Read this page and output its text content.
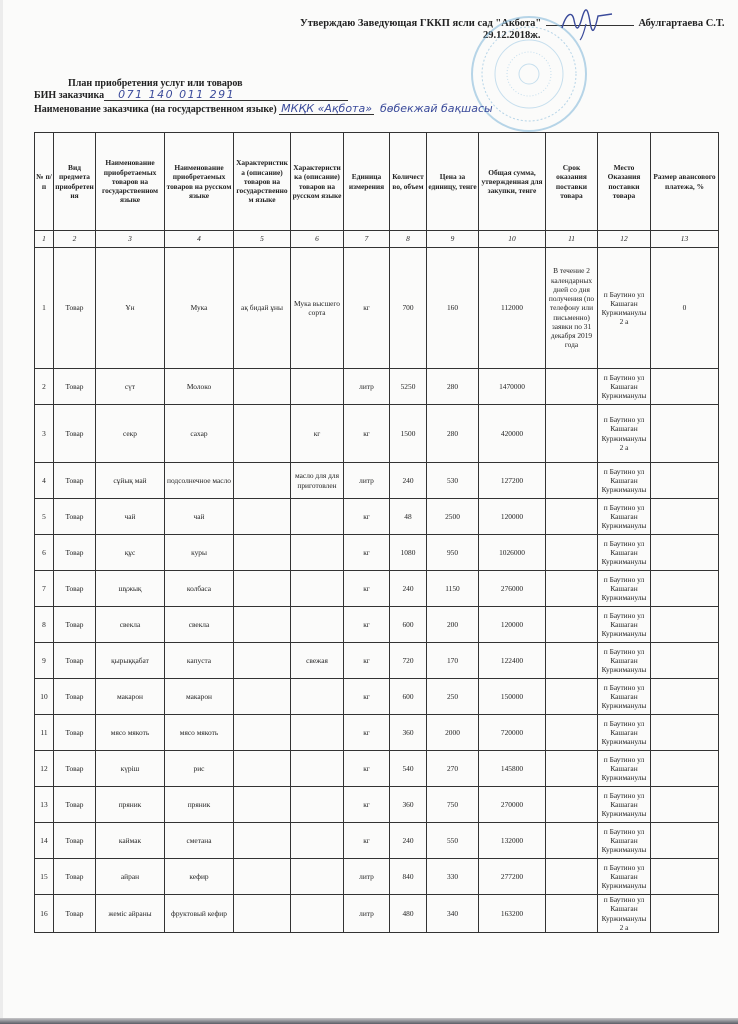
Утверждаю Заведующая ГККП ясли сад "Акбота"	Абулгартаева С.Т.
29.12.2018ж.
План приобретения услуг или товаров
БИН заказчика 071 140 011 291
Наименование заказчика (на государственном языке) МКҚК «Ақбота» бөбекжай бақшасы
№ п/п	Вид предмета приобретения	Наименование приобретаемых товаров на государственном языке	Наименование приобретаемых товаров на русском языке	Характеристика (описание) товаров на государственном языке	Характеристика (описание) товаров на русском языке	Единица измерения	Количество, объем	Цена за единицу, тенге	Общая сумма, утвержденная для закупки, тенге	Срок оказания поставки товара	Место Оказания поставки товара	Размер авансового платежа, %
1	2	3	4	5	6	7	8	9	10	11	12	13
1	Товар	Ұн	Мука	ақ бидай ұны	Мука высшего сорта	кг	700	160	112000	В течение 2 календарных дней со дня получения (по телефону или письменно) заявки по 31 декабря 2019 года	п Баутино ул Кашаган Куржиманулы 2 а	0
2	Товар	сүт	Молоко			литр	5250	280	1470000		п Баутино ул Кашаган Куржиманулы	
3	Товар	секр	сахар		кг	кг	1500	280	420000		п Баутино ул Кашаган Куржиманулы 2 а	
4	Товар	сұйық май	подсолнечное масло		масло для для приготовлен	литр	240	530	127200		п Баутино ул Кашаган Куржиманулы	
5	Товар	чай	чай			кг	48	2500	120000		п Баутино ул Кашаган Куржиманулы	
6	Товар	құс	куры			кг	1080	950	1026000		п Баутино ул Кашаган Куржиманулы	
7	Товар	шұжық	колбаса			кг	240	1150	276000		п Баутино ул Кашаган Куржиманулы	
8	Товар	свекла	свекла			кг	600	200	120000		п Баутино ул Кашаган Куржиманулы	
9	Товар	қырыққабат	капуста		свежая	кг	720	170	122400		п Баутино ул Кашаган Куржиманулы	
10	Товар	макарон	макарон			кг	600	250	150000		п Баутино ул Кашаган Куржиманулы	
11	Товар	мясо мякоть	мясо мякоть			кг	360	2000	720000		п Баутино ул Кашаган Куржиманулы	
12	Товар	күріш	рис			кг	540	270	145800		п Баутино ул Кашаган Куржиманулы	
13	Товар	пряник	пряник			кг	360	750	270000		п Баутино ул Кашаган Куржиманулы	
14	Товар	каймак	сметана			кг	240	550	132000		п Баутино ул Кашаган Куржиманулы	
15	Товар	айран	кефир			литр	840	330	277200		п Баутино ул Кашаган Куржиманулы	
16	Товар	жеміс айраны	фруктовый кефир			литр	480	340	163200		п Баутино ул Кашаган Куржиманулы 2 а	
